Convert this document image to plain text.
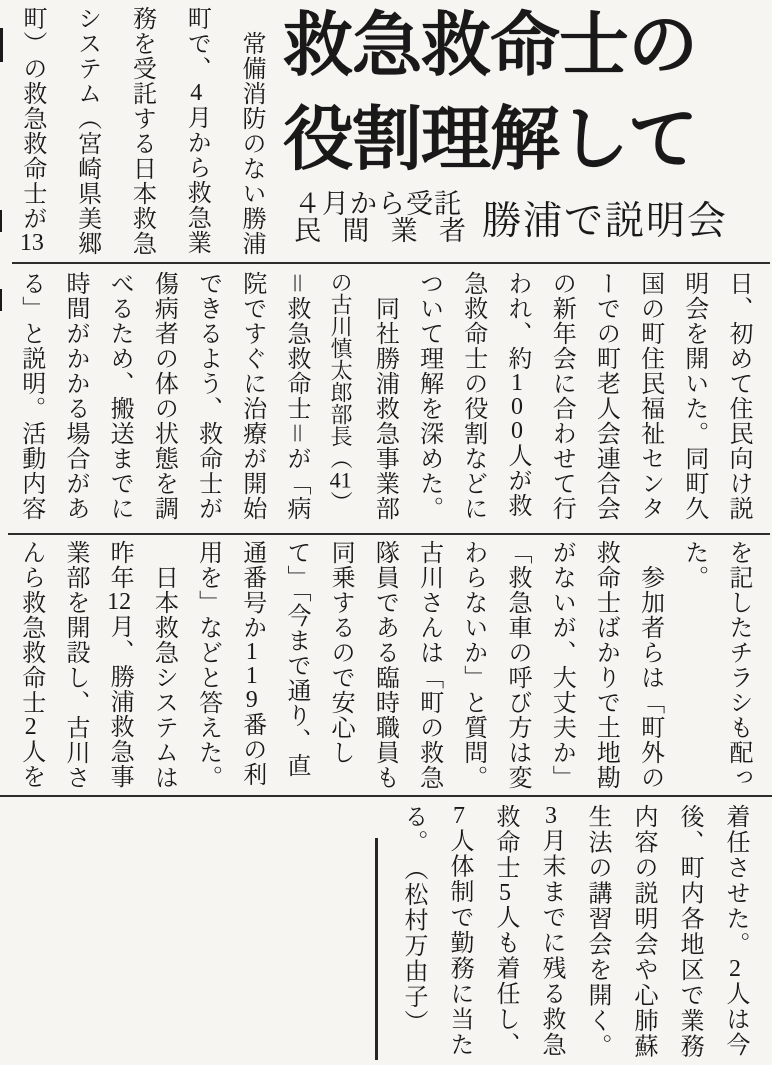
　常備消防のない勝浦

町で、4月から救急業

務を受託する日本救急

システム（宮崎県美郷

町）の救急救命士が13

救急救命士の
役割理解して
４月から受託
民間業者 勝浦で説明会

日、初めて住民向け説

明会を開いた。同町久

国の町住民福祉センタ

ーでの町老人会連合会

の新年会に合わせて行

われ、約100人が救

急救命士の役割などに

ついて理解を深めた。

　同社勝浦救急事業部

の古川慎太郎部長（41）

＝救急救命士＝が「病

院ですぐに治療が開始

できるよう、救命士が

傷病者の体の状態を調

べるため、搬送までに

時間がかかる場合があ

る」と説明。活動内容

を記したチラシも配っ

た。

　参加者らは「町外の

救命士ばかりで土地勘

がないが、大丈夫か」

「救急車の呼び方は変

わらないか」と質問。

古川さんは「町の救急

隊員である臨時職員も

同乗するので安心し

て」「今まで通り、直

通番号か119番の利

用を」などと答えた。

　日本救急システムは

昨年12月、勝浦救急事

業部を開設し、古川さ

んら救急救命士2人を

着任させた。2人は今

後、町内各地区で業務

内容の説明会や心肺蘇

生法の講習会を開く。

3月末までに残る救急

救命士5人も着任し、

7人体制で勤務に当た

る。　（松村万由子）
